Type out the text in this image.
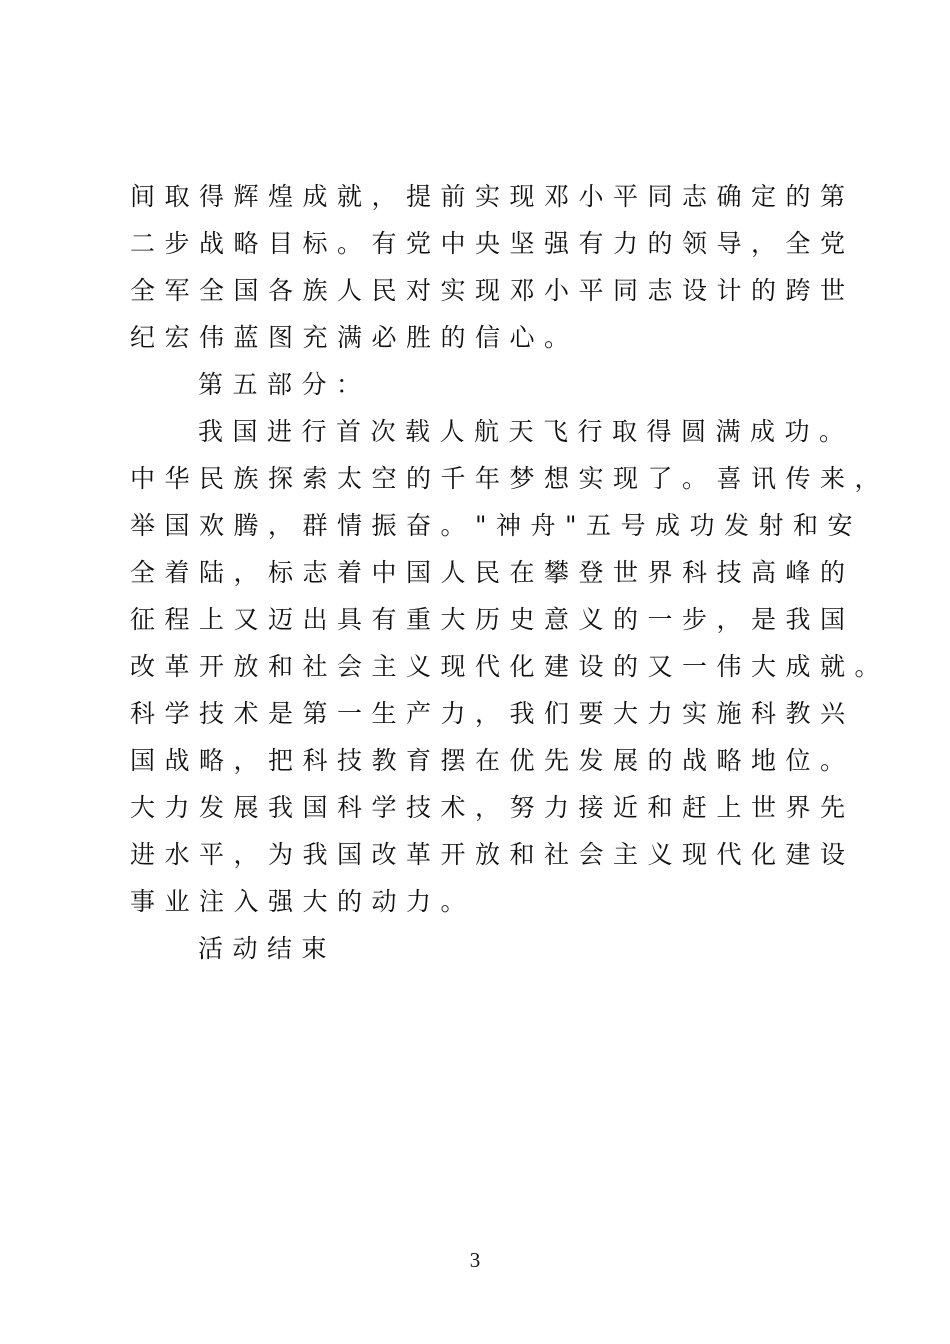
间取得辉煌成就，提前实现邓小平同志确定的第
二步战略目标。有党中央坚强有力的领导，全党
全军全国各族人民对实现邓小平同志设计的跨世
纪宏伟蓝图充满必胜的信心。
第五部分：
我国进行首次载人航天飞行取得圆满成功。
中华民族探索太空的千年梦想实现了。喜讯传来，
举国欢腾，群情振奋。"神舟"五号成功发射和安
全着陆，标志着中国人民在攀登世界科技高峰的
征程上又迈出具有重大历史意义的一步，是我国
改革开放和社会主义现代化建设的又一伟大成就。
科学技术是第一生产力，我们要大力实施科教兴
国战略，把科技教育摆在优先发展的战略地位。
大力发展我国科学技术，努力接近和赶上世界先
进水平，为我国改革开放和社会主义现代化建设
事业注入强大的动力。
活动结束
3
